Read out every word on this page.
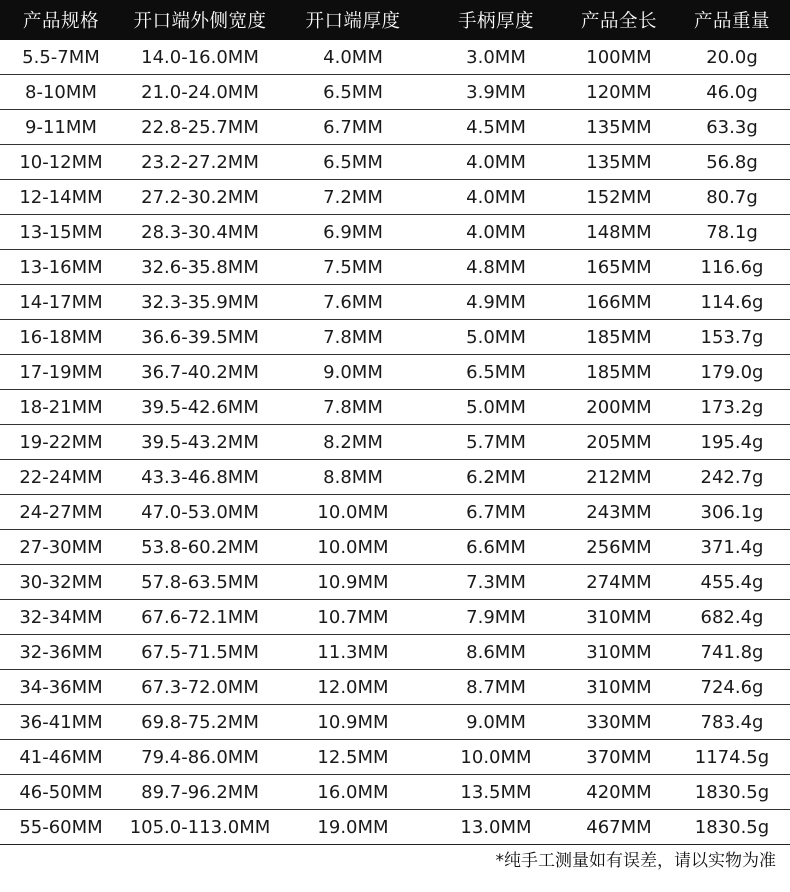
产品规格	开口端外侧宽度	开口端厚度	手柄厚度	产品全长	产品重量
5.5-7MM	14.0-16.0MM	4.0MM	3.0MM	100MM	20.0g
8-10MM	21.0-24.0MM	6.5MM	3.9MM	120MM	46.0g
9-11MM	22.8-25.7MM	6.7MM	4.5MM	135MM	63.3g
10-12MM	23.2-27.2MM	6.5MM	4.0MM	135MM	56.8g
12-14MM	27.2-30.2MM	7.2MM	4.0MM	152MM	80.7g
13-15MM	28.3-30.4MM	6.9MM	4.0MM	148MM	78.1g
13-16MM	32.6-35.8MM	7.5MM	4.8MM	165MM	116.6g
14-17MM	32.3-35.9MM	7.6MM	4.9MM	166MM	114.6g
16-18MM	36.6-39.5MM	7.8MM	5.0MM	185MM	153.7g
17-19MM	36.7-40.2MM	9.0MM	6.5MM	185MM	179.0g
18-21MM	39.5-42.6MM	7.8MM	5.0MM	200MM	173.2g
19-22MM	39.5-43.2MM	8.2MM	5.7MM	205MM	195.4g
22-24MM	43.3-46.8MM	8.8MM	6.2MM	212MM	242.7g
24-27MM	47.0-53.0MM	10.0MM	6.7MM	243MM	306.1g
27-30MM	53.8-60.2MM	10.0MM	6.6MM	256MM	371.4g
30-32MM	57.8-63.5MM	10.9MM	7.3MM	274MM	455.4g
32-34MM	67.6-72.1MM	10.7MM	7.9MM	310MM	682.4g
32-36MM	67.5-71.5MM	11.3MM	8.6MM	310MM	741.8g
34-36MM	67.3-72.0MM	12.0MM	8.7MM	310MM	724.6g
36-41MM	69.8-75.2MM	10.9MM	9.0MM	330MM	783.4g
41-46MM	79.4-86.0MM	12.5MM	10.0MM	370MM	1174.5g
46-50MM	89.7-96.2MM	16.0MM	13.5MM	420MM	1830.5g
55-60MM	105.0-113.0MM	19.0MM	13.0MM	467MM	1830.5g
*纯手工测量如有误差，请以实物为准
